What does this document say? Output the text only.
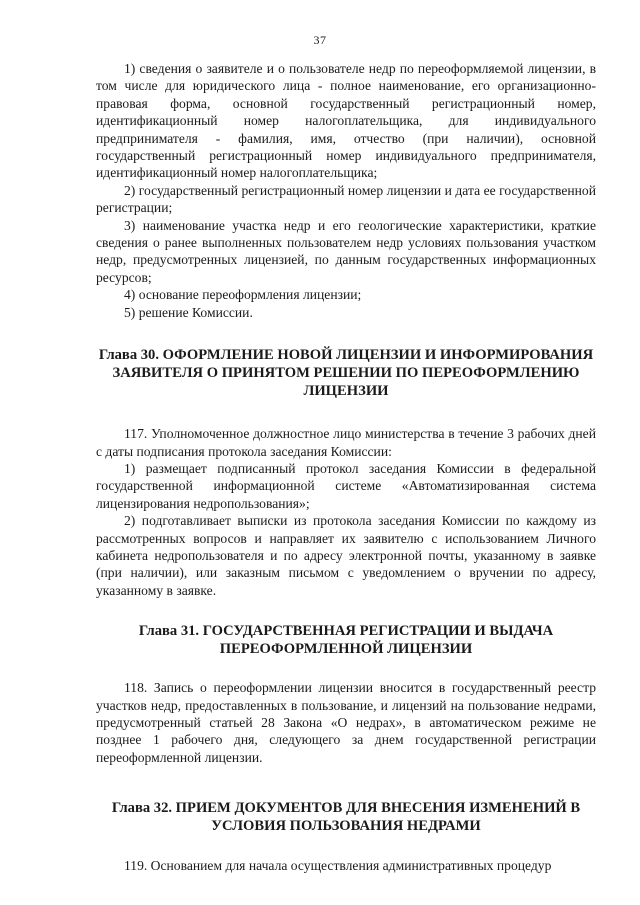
37

1) сведения о заявителе и о пользователе недр по переоформляемой лицензии, в том числе для юридического лица - полное наименование, его организационно-правовая форма, основной государственный регистрационный номер, идентификационный номер налогоплательщика, для индивидуального предпринимателя - фамилия, имя, отчество (при наличии), основной государственный регистрационный номер индивидуального предпринимателя, идентификационный номер налогоплательщика;

2) государственный регистрационный номер лицензии и дата ее государственной регистрации;

3) наименование участка недр и его геологические характеристики, краткие сведения о ранее выполненных пользователем недр условиях пользования участком недр, предусмотренных лицензией, по данным государственных информационных ресурсов;

4) основание переоформления лицензии;

5) решение Комиссии.

Глава 30. ОФОРМЛЕНИЕ НОВОЙ ЛИЦЕНЗИИ И ИНФОРМИРОВАНИЯ ЗАЯВИТЕЛЯ О ПРИНЯТОМ РЕШЕНИИ ПО ПЕРЕОФОРМЛЕНИЮ ЛИЦЕНЗИИ

117. Уполномоченное должностное лицо министерства в течение 3 рабочих дней с даты подписания протокола заседания Комиссии:

1) размещает подписанный протокол заседания Комиссии в федеральной государственной информационной системе «Автоматизированная система лицензирования недропользования»;

2) подготавливает выписки из протокола заседания Комиссии по каждому из рассмотренных вопросов и направляет их заявителю с использованием Личного кабинета недропользователя и по адресу электронной почты, указанному в заявке (при наличии), или заказным письмом с уведомлением о вручении по адресу, указанному в заявке.

Глава 31. ГОСУДАРСТВЕННАЯ РЕГИСТРАЦИИ И ВЫДАЧА ПЕРЕОФОРМЛЕННОЙ ЛИЦЕНЗИИ

118. Запись о переоформлении лицензии вносится в государственный реестр участков недр, предоставленных в пользование, и лицензий на пользование недрами, предусмотренный статьей 28 Закона «О недрах», в автоматическом режиме не позднее 1 рабочего дня, следующего за днем государственной регистрации переоформленной лицензии.

Глава 32. ПРИЕМ ДОКУМЕНТОВ ДЛЯ ВНЕСЕНИЯ ИЗМЕНЕНИЙ В УСЛОВИЯ ПОЛЬЗОВАНИЯ НЕДРАМИ

119. Основанием для начала осуществления административных процедур
